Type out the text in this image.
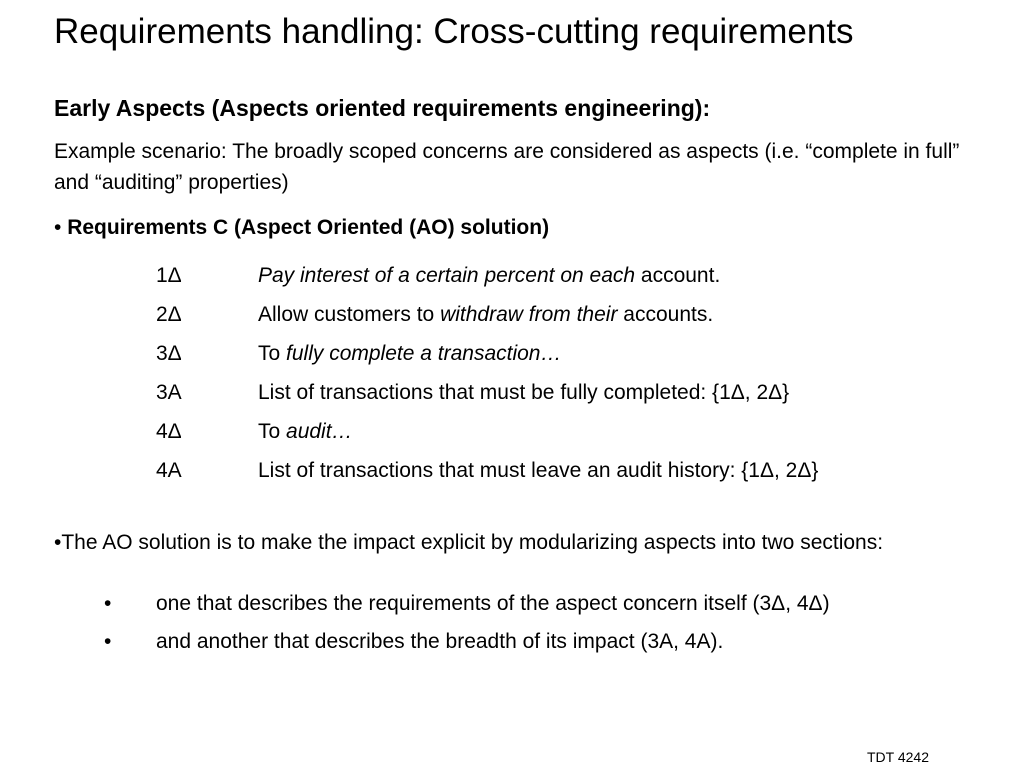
Requirements handling: Cross-cutting requirements
Early Aspects (Aspects oriented requirements engineering):
Example scenario: The broadly scoped concerns are considered as aspects (i.e. “complete in full” and “auditing” properties)
• Requirements C (Aspect Oriented (AO) solution)
1Δ	Pay interest of a certain percent on each account.
2Δ	Allow customers to withdraw from their accounts.
3Δ	To fully complete a transaction…
3A	List of transactions that must be fully completed: {1Δ, 2Δ}
4Δ	To audit…
4A	List of transactions that must leave an audit history: {1Δ, 2Δ}
•The AO solution is to make the impact explicit by modularizing aspects into two sections:
• one that describes the requirements of the aspect concern itself (3Δ, 4Δ)
• and another that describes the breadth of its impact (3A, 4A).
TDT 4242
